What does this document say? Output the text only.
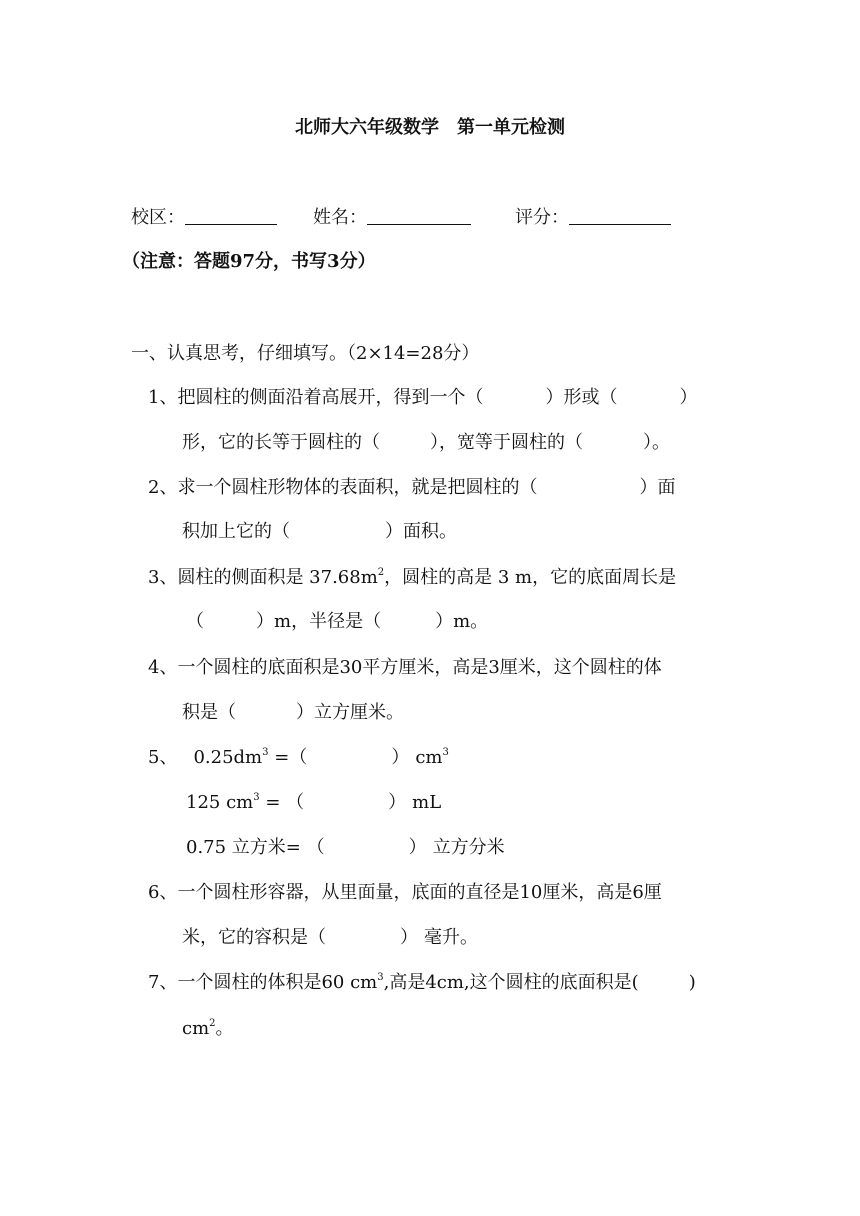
北师大六年级数学　第一单元检测
校区：	姓名：	评分：
（注意：答题97分，书写3分）
一、认真思考，仔细填写。（2×14=28分）
1、把圆柱的侧面沿着高展开，得到一个（	）形或（	）
形，它的长等于圆柱的（	），宽等于圆柱的（	）。
2、求一个圆柱形物体的表面积，就是把圆柱的（	）面
积加上它的（	）面积。
3、圆柱的侧面积是 $37.68m^2$，圆柱的高是 3 m，它的底面周长是
（	）m，半径是（	）m。
4、一个圆柱的底面积是30平方厘米，高是3厘米，这个圆柱的体
积是（	）立方厘米。
5、 $0.25dm^3$ =（	） $cm^3$
125 $cm^3$ = （	） mL
0.75 立方米= （	） 立方分米
6、一个圆柱形容器，从里面量，底面的直径是10厘米，高是6厘
米，它的容积是（	） 毫升。
7、一个圆柱的体积是60 $cm^3$,高是4cm,这个圆柱的底面积是(	)
$cm^2$。
